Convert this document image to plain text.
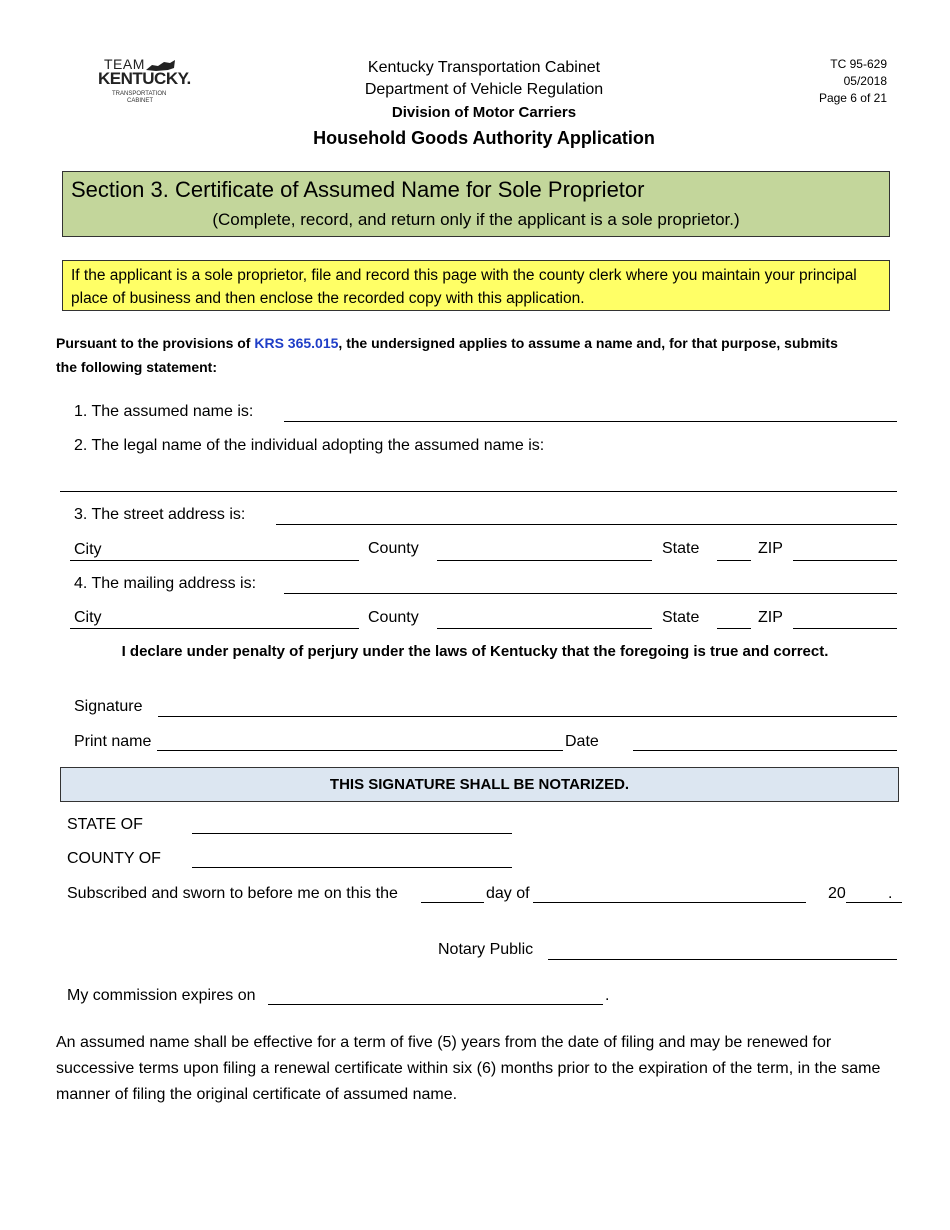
TEAM
KENTUCKY.
TRANSPORTATION
CABINET
Kentucky Transportation Cabinet
Department of Vehicle Regulation
Division of Motor Carriers
Household Goods Authority Application
TC 95-629
05/2018
Page 6 of 21
Section 3. Certificate of Assumed Name for Sole Proprietor
(Complete, record, and return only if the applicant is a sole proprietor.)
If the applicant is a sole proprietor, file and record this page with the county clerk where you maintain your principal place of business and then enclose the recorded copy with this application.
Pursuant to the provisions of KRS 365.015, the undersigned applies to assume a name and, for that purpose, submits
the following statement:
1. The assumed name is:
2. The legal name of the individual adopting the assumed name is:
3. The street address is:
City	County	State	ZIP
4. The mailing address is:
City	County	State	ZIP
I declare under penalty of perjury under the laws of Kentucky that the foregoing is true and correct.
Signature
Print name	Date
THIS SIGNATURE SHALL BE NOTARIZED.
STATE OF
COUNTY OF
Subscribed and sworn to before me on this the	day of	20	.
Notary Public
My commission expires on	.
An assumed name shall be effective for a term of five (5) years from the date of filing and may be renewed for successive terms upon filing a renewal certificate within six (6) months prior to the expiration of the term, in the same manner of filing the original certificate of assumed name.
